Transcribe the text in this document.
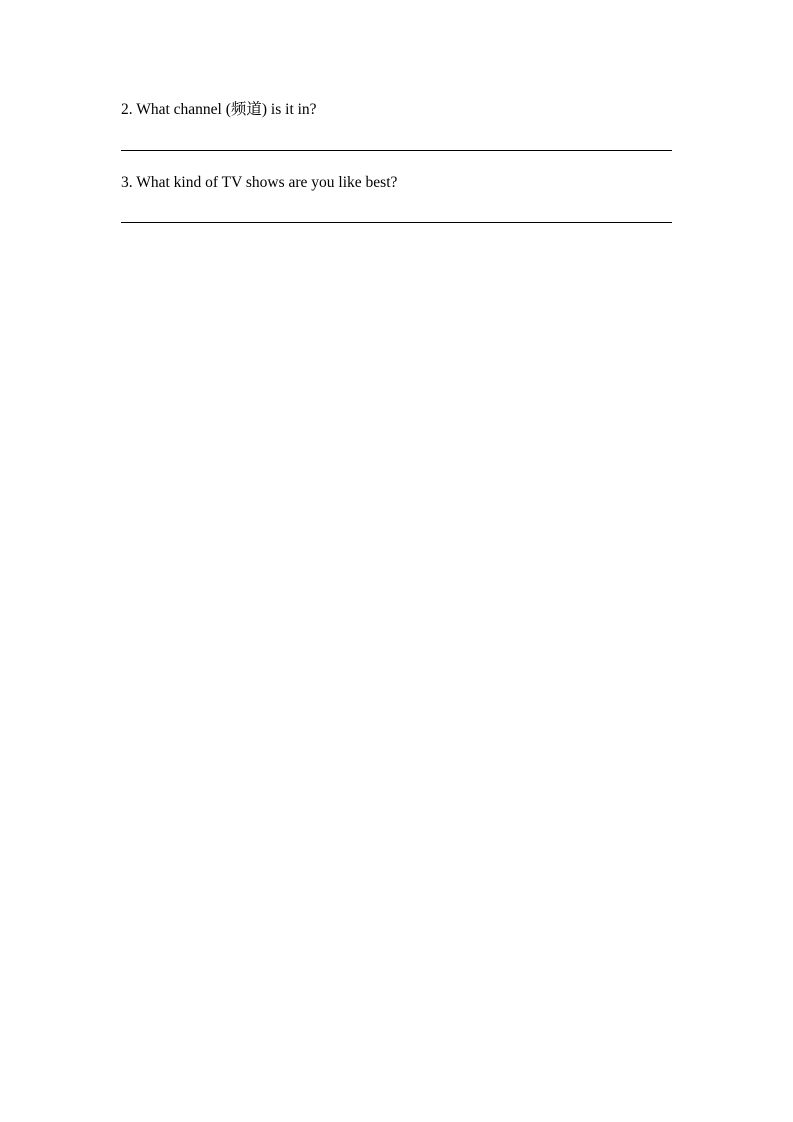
2. What channel (频道) is it in?

3. What kind of TV shows are you like best?
